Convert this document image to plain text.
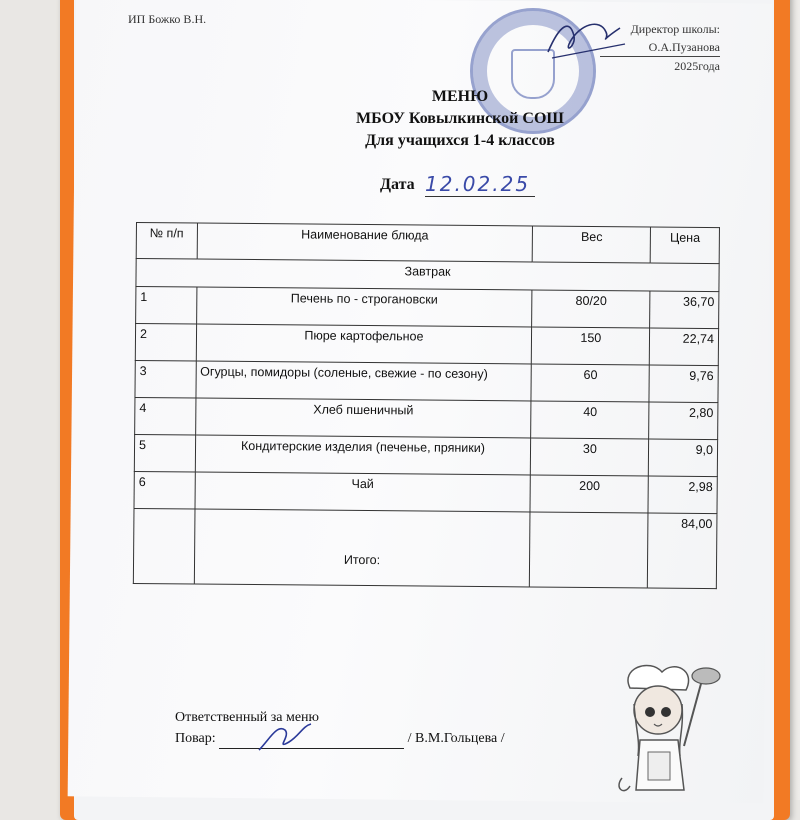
ИП Божко В.Н.
Директор школы:
О.А.Пузанова
2025года
МЕНЮ
МБОУ Ковылкинской СОШ
Для учащихся 1-4 классов
Дата 12.02.25
№ п/п	Наименование блюда	Вес	Цена
Завтрак			
1	Печень по - строгановски	80/20	36,70
2	Пюре картофельное	150	22,74
3	Огурцы, помидоры (соленые, свежие - по сезону)	60	9,76
4	Хлеб пшеничный	40	2,80
5	Кондитерские изделия (печенье, пряники)	30	9,0
6	Чай	200	2,98
	Итого:		84,00
Ответственный за меню
Повар:	/ В.М.Гольцева /
